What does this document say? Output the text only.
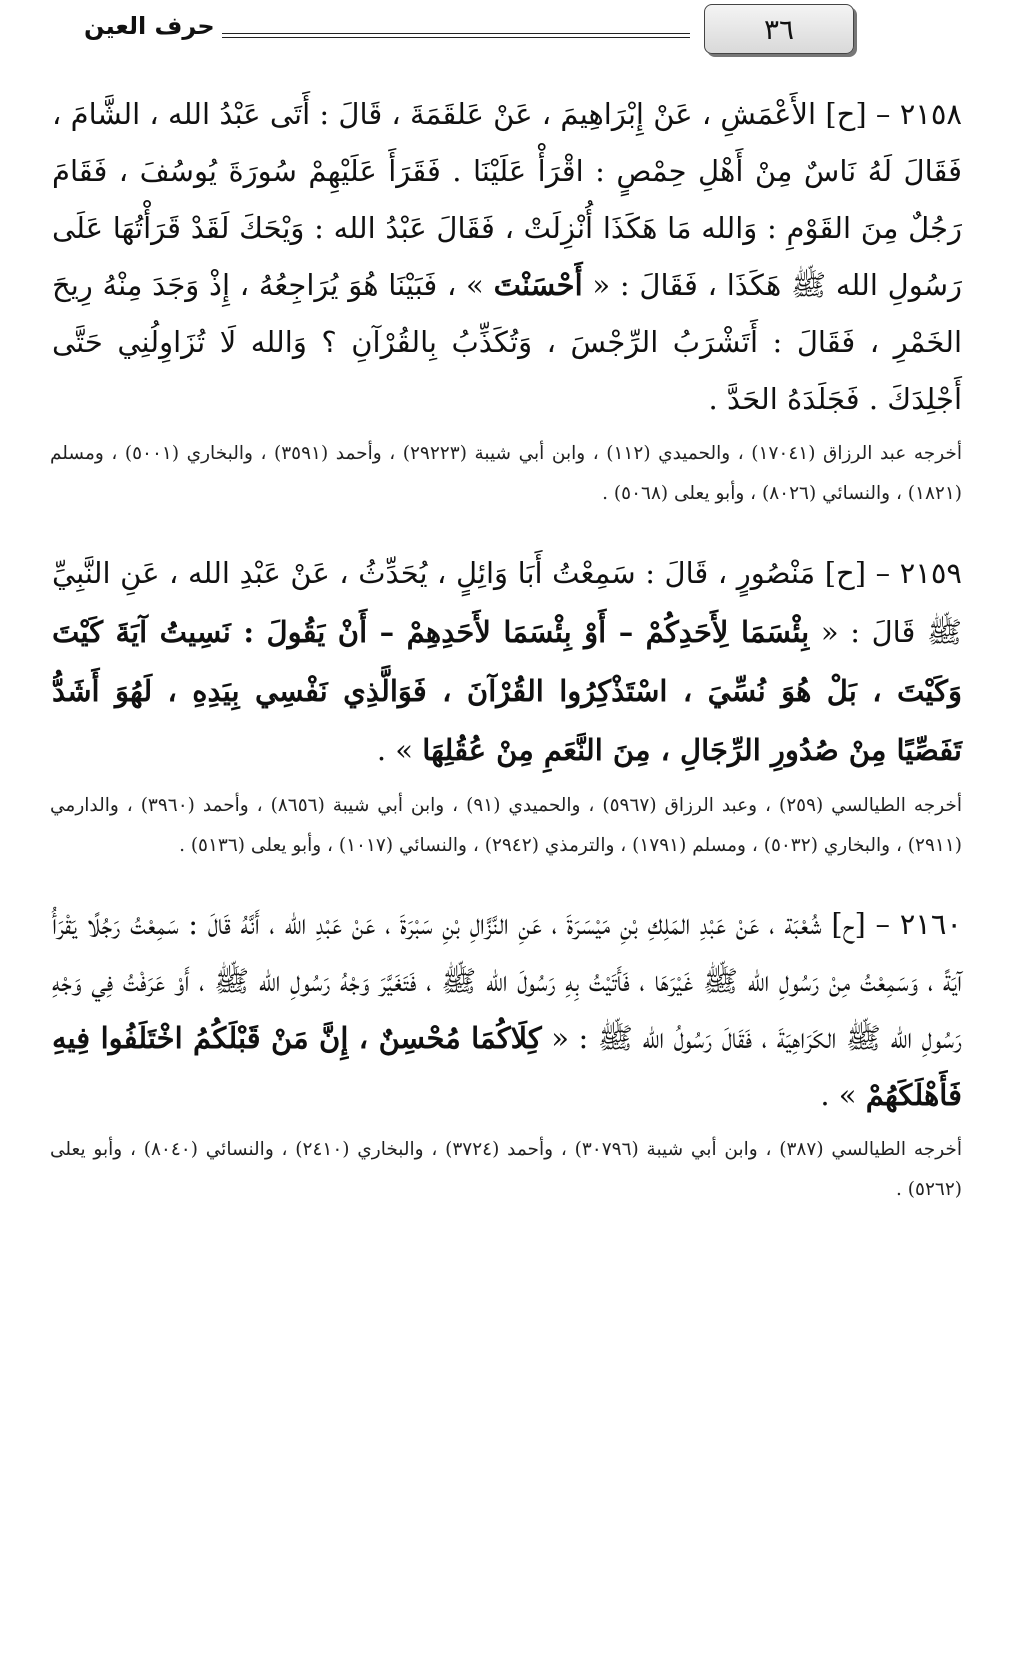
٣٦
حرف العين

٢١٥٨ – [ح] الأَعْمَشِ ، عَنْ إِبْرَاهِيمَ ، عَنْ عَلقَمَةَ ، قَالَ : أَتَى عَبْدُ الله ، الشَّامَ ، فَقَالَ لَهُ نَاسٌ مِنْ أَهْلِ حِمْصٍ : اقْرَأْ عَلَيْنَا . فَقَرَأَ عَلَيْهِمْ سُورَةَ يُوسُفَ ، فَقَامَ رَجُلٌ مِنَ القَوْمِ : وَالله مَا هَكَذَا أُنْزِلَتْ ، فَقَالَ عَبْدُ الله : وَيْحَكَ لَقَدْ قَرَأْتُهَا عَلَى رَسُولِ الله ﷺ هَكَذَا ، فَقَالَ : « أَحْسَنْتَ » ، فَبَيْنَا هُوَ يُرَاجِعُهُ ، إِذْ وَجَدَ مِنْهُ رِيحَ الخَمْرِ ، فَقَالَ : أَتَشْرَبُ الرِّجْسَ ، وَتُكَذِّبُ بِالقُرْآنِ ؟ وَالله لَا تُزَاوِلُنِي حَتَّى أَجْلِدَكَ . فَجَلَدَهُ الحَدَّ .

أخرجه عبد الرزاق (١٧٠٤١) ، والحميدي (١١٢) ، وابن أبي شيبة (٢٩٢٢٣) ، وأحمد (٣٥٩١) ، والبخاري (٥٠٠١) ، ومسلم (١٨٢١) ، والنسائي (٨٠٢٦) ، وأبو يعلى (٥٠٦٨) .

٢١٥٩ – [ح] مَنْصُورٍ ، قَالَ : سَمِعْتُ أَبَا وَائِلٍ ، يُحَدِّثُ ، عَنْ عَبْدِ الله ، عَنِ النَّبِيِّ ﷺ قَالَ : « بِئْسَمَا لِأَحَدِكُمْ – أَوْ بِئْسَمَا لأَحَدِهِمْ – أَنْ يَقُولَ : نَسِيتُ آيَةَ كَيْتَ وَكَيْتَ ، بَلْ هُوَ نُسِّيَ ، اسْتَذْكِرُوا القُرْآنَ ، فَوَالَّذِي نَفْسِي بِيَدِهِ ، لَهُوَ أَشَدُّ تَفَصِّيًا مِنْ صُدُورِ الرِّجَالِ ، مِنَ النَّعَمِ مِنْ عُقُلِهَا » .

أخرجه الطيالسي (٢٥٩) ، وعبد الرزاق (٥٩٦٧) ، والحميدي (٩١) ، وابن أبي شيبة (٨٦٥٦) ، وأحمد (٣٩٦٠) ، والدارمي (٢٩١١) ، والبخاري (٥٠٣٢) ، ومسلم (١٧٩١) ، والترمذي (٢٩٤٢) ، والنسائي (١٠١٧) ، وأبو يعلى (٥١٣٦) .

٢١٦٠ – [ح] شُعْبَة ، عَنْ عَبْدِ المَلِكِ بْنِ مَيْسَرَةَ ، عَنِ النَّزَّالِ بْنِ سَبْرَةَ ، عَنْ عَبْدِ الله ، أَنَّهُ قَالَ : سَمِعْتُ رَجُلًا يَقْرَأُ آيَةً ، وَسَمِعْتُ مِنْ رَسُولِ الله ﷺ غَيْرَهَا ، فَأَتَيْتُ بِهِ رَسُولَ الله ﷺ ، فَتَغَيَّرَ وَجْهُ رَسُولِ الله ﷺ ، أَوْ عَرَفْتُ فِي وَجْهِ رَسُولِ الله ﷺ الكَرَاهِيَةَ ، فَقَالَ رَسُولُ الله ﷺ : « كِلَاكُمَا مُحْسِنٌ ، إِنَّ مَنْ قَبْلَكُمُ اخْتَلَفُوا فِيهِ فَأَهْلَكَهُمْ » .

أخرجه الطيالسي (٣٨٧) ، وابن أبي شيبة (٣٠٧٩٦) ، وأحمد (٣٧٢٤) ، والبخاري (٢٤١٠) ، والنسائي (٨٠٤٠) ، وأبو يعلى (٥٢٦٢) .
